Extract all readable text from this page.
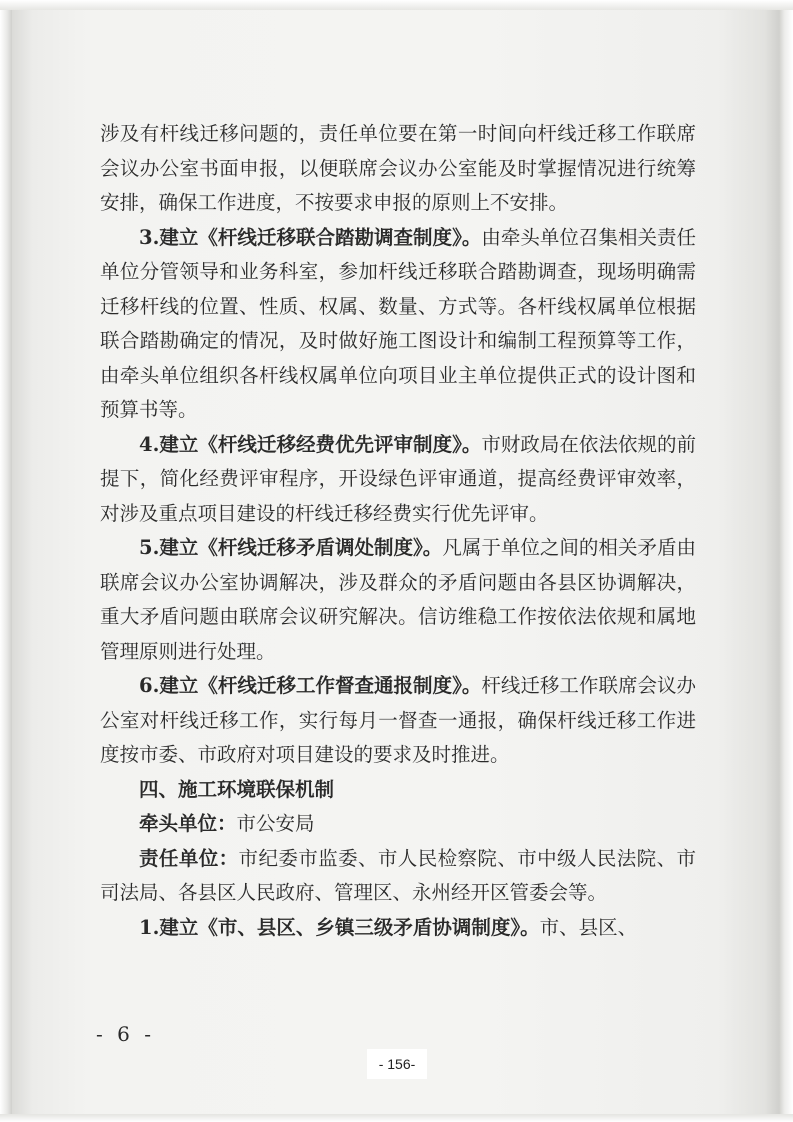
涉及有杆线迁移问题的，责任单位要在第一时间向杆线迁移工作联席会议办公室书面申报，以便联席会议办公室能及时掌握情况进行统筹安排，确保工作进度，不按要求申报的原则上不安排。

3.建立《杆线迁移联合踏勘调查制度》。由牵头单位召集相关责任单位分管领导和业务科室，参加杆线迁移联合踏勘调查，现场明确需迁移杆线的位置、性质、权属、数量、方式等。各杆线权属单位根据联合踏勘确定的情况，及时做好施工图设计和编制工程预算等工作，由牵头单位组织各杆线权属单位向项目业主单位提供正式的设计图和预算书等。

4.建立《杆线迁移经费优先评审制度》。市财政局在依法依规的前提下，简化经费评审程序，开设绿色评审通道，提高经费评审效率，对涉及重点项目建设的杆线迁移经费实行优先评审。

5.建立《杆线迁移矛盾调处制度》。凡属于单位之间的相关矛盾由联席会议办公室协调解决，涉及群众的矛盾问题由各县区协调解决，重大矛盾问题由联席会议研究解决。信访维稳工作按依法依规和属地管理原则进行处理。

6.建立《杆线迁移工作督查通报制度》。杆线迁移工作联席会议办公室对杆线迁移工作，实行每月一督查一通报，确保杆线迁移工作进度按市委、市政府对项目建设的要求及时推进。

四、施工环境联保机制

牵头单位：市公安局

责任单位：市纪委市监委、市人民检察院、市中级人民法院、市司法局、各县区人民政府、管理区、永州经开区管委会等。

1.建立《市、县区、乡镇三级矛盾协调制度》。市、县区、

- 6 -
- 156-
